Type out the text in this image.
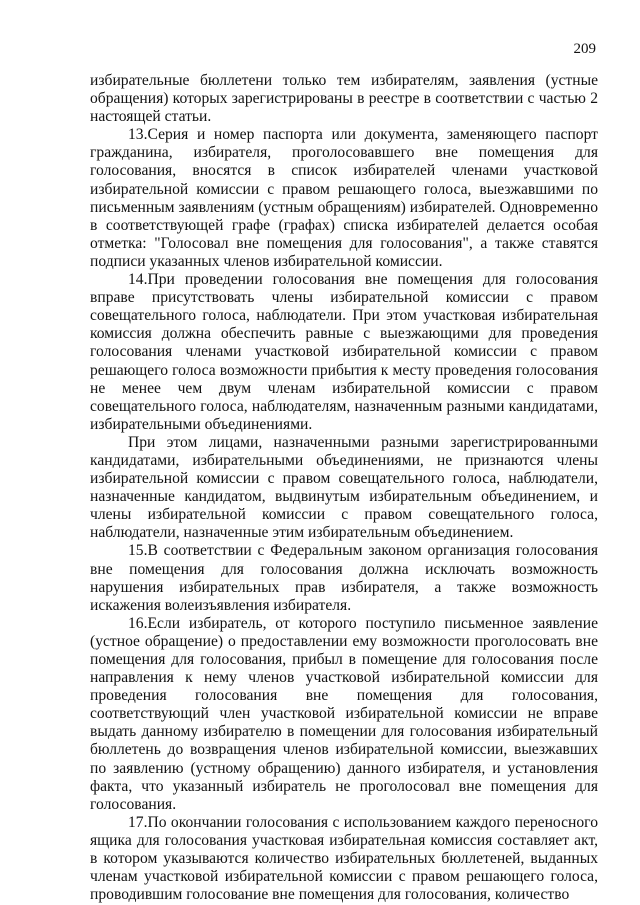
209

избирательные бюллетени только тем избирателям, заявления (устные обращения) которых зарегистрированы в реестре в соответствии с частью 2 настоящей статьи.

13.Серия и номер паспорта или документа, заменяющего паспорт гражданина, избирателя, проголосовавшего вне помещения для голосования, вносятся в список избирателей членами участковой избирательной комиссии с правом решающего голоса, выезжавшими по письменным заявлениям (устным обращениям) избирателей. Одновременно в соответствующей графе (графах) списка избирателей делается особая отметка: "Голосовал вне помещения для голосования", а также ставятся подписи указанных членов избирательной комиссии.

14.При проведении голосования вне помещения для голосования вправе присутствовать члены избирательной комиссии с правом совещательного голоса, наблюдатели. При этом участковая избирательная комиссия должна обеспечить равные с выезжающими для проведения голосования членами участковой избирательной комиссии с правом решающего голоса возможности прибытия к месту проведения голосования не менее чем двум членам избирательной комиссии с правом совещательного голоса, наблюдателям, назначенным разными кандидатами, избирательными объединениями.

При этом лицами, назначенными разными зарегистрированными кандидатами, избирательными объединениями, не признаются члены избирательной комиссии с правом совещательного голоса, наблюдатели, назначенные кандидатом, выдвинутым избирательным объединением, и члены избирательной комиссии с правом совещательного голоса, наблюдатели, назначенные этим избирательным объединением.

15.В соответствии с Федеральным законом организация голосования вне помещения для голосования должна исключать возможность нарушения избирательных прав избирателя, а также возможность искажения волеизъявления избирателя.

16.Если избиратель, от которого поступило письменное заявление (устное обращение) о предоставлении ему возможности проголосовать вне помещения для голосования, прибыл в помещение для голосования после направления к нему членов участковой избирательной комиссии для проведения голосования вне помещения для голосования, соответствующий член участковой избирательной комиссии не вправе выдать данному избирателю в помещении для голосования избирательный бюллетень до возвращения членов избирательной комиссии, выезжавших по заявлению (устному обращению) данного избирателя, и установления факта, что указанный избиратель не проголосовал вне помещения для голосования.

17.По окончании голосования с использованием каждого переносного ящика для голосования участковая избирательная комиссия составляет акт, в котором указываются количество избирательных бюллетеней, выданных членам участковой избирательной комиссии с правом решающего голоса, проводившим голосование вне помещения для голосования, количество
